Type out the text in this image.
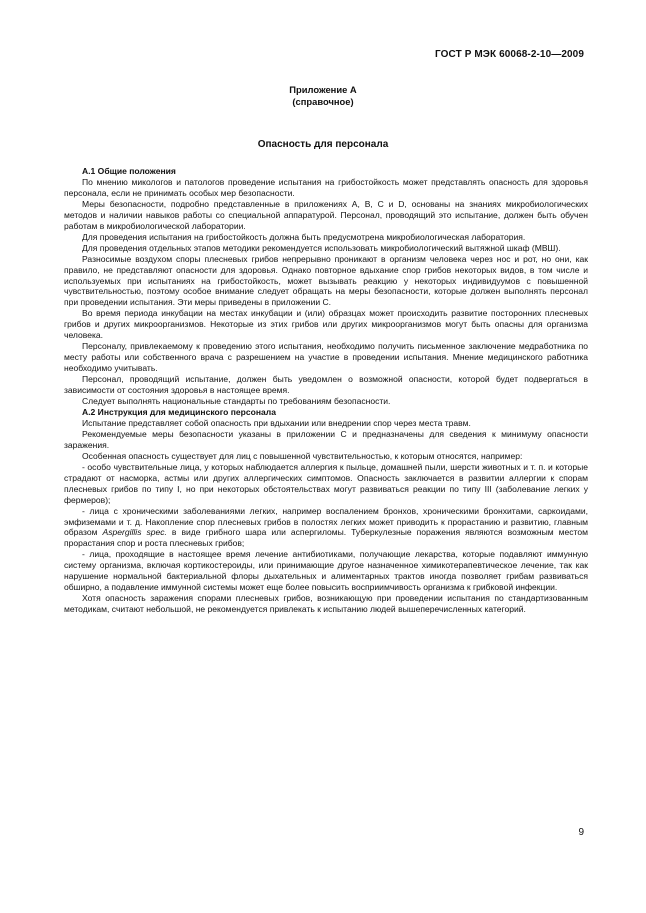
ГОСТ Р МЭК 60068-2-10—2009
Приложение А
(справочное)
Опасность для персонала
А.1 Общие положения

По мнению микологов и патологов проведение испытания на грибостойкость может представлять опасность для здоровья персонала, если не принимать особых мер безопасности.

Меры безопасности, подробно представленные в приложениях А, В, С и D, основаны на знаниях микробиологических методов и наличии навыков работы со специальной аппаратурой. Персонал, проводящий это испытание, должен быть обучен работам в микробиологической лаборатории.

Для проведения испытания на грибостойкость должна быть предусмотрена микробиологическая лаборатория.

Для проведения отдельных этапов методики рекомендуется использовать микробиологический вытяжной шкаф (МВШ).

Разносимые воздухом споры плесневых грибов непрерывно проникают в организм человека через нос и рот, но они, как правило, не представляют опасности для здоровья. Однако повторное вдыхание спор грибов некоторых видов, в том числе и используемых при испытаниях на грибостойкость, может вызывать реакцию у некоторых индивидуумов с повышенной чувствительностью, поэтому особое внимание следует обращать на меры безопасности, которые должен выполнять персонал при проведении испытания. Эти меры приведены в приложении С.

Во время периода инкубации на местах инкубации и (или) образцах может происходить развитие посторонних плесневых грибов и других микроорганизмов. Некоторые из этих грибов или других микроорганизмов могут быть опасны для организма человека.

Персоналу, привлекаемому к проведению этого испытания, необходимо получить письменное заключение медработника по месту работы или собственного врача с разрешением на участие в проведении испытания. Мнение медицинского работника необходимо учитывать.

Персонал, проводящий испытание, должен быть уведомлен о возможной опасности, которой будет подвергаться в зависимости от состояния здоровья в настоящее время.

Следует выполнять национальные стандарты по требованиям безопасности.

А.2 Инструкция для медицинского персонала

Испытание представляет собой опасность при вдыхании или внедрении спор через места травм.

Рекомендуемые меры безопасности указаны в приложении С и предназначены для сведения к минимуму опасности заражения.

Особенная опасность существует для лиц с повышенной чувствительностью, к которым относятся, например:

- особо чувствительные лица, у которых наблюдается аллергия к пыльце, домашней пыли, шерсти животных и т. п. и которые страдают от насморка, астмы или других аллергических симптомов. Опасность заключается в развитии аллергии к спорам плесневых грибов по типу I, но при некоторых обстоятельствах могут развиваться реакции по типу III (заболевание легких у фермеров);

- лица с хроническими заболеваниями легких, например воспалением бронхов, хроническими бронхитами, саркоидами, эмфиземами и т. д. Накопление спор плесневых грибов в полостях легких может приводить к прорастанию и развитию, главным образом Aspergillis spec. в виде грибного шара или аспергиломы. Туберкулезные поражения являются возможным местом прорастания спор и роста плесневых грибов;

- лица, проходящие в настоящее время лечение антибиотиками, получающие лекарства, которые подавляют иммунную систему организма, включая кортикостероиды, или принимающие другое назначенное химикотерапевтическое лечение, так как нарушение нормальной бактериальной флоры дыхательных и алиментарных трактов иногда позволяет грибам развиваться обширно, а подавление иммунной системы может еще более повысить восприимчивость организма к грибковой инфекции.

Хотя опасность заражения спорами плесневых грибов, возникающую при проведении испытания по стандартизованным методикам, считают небольшой, не рекомендуется привлекать к испытанию людей вышеперечисленных категорий.

9
